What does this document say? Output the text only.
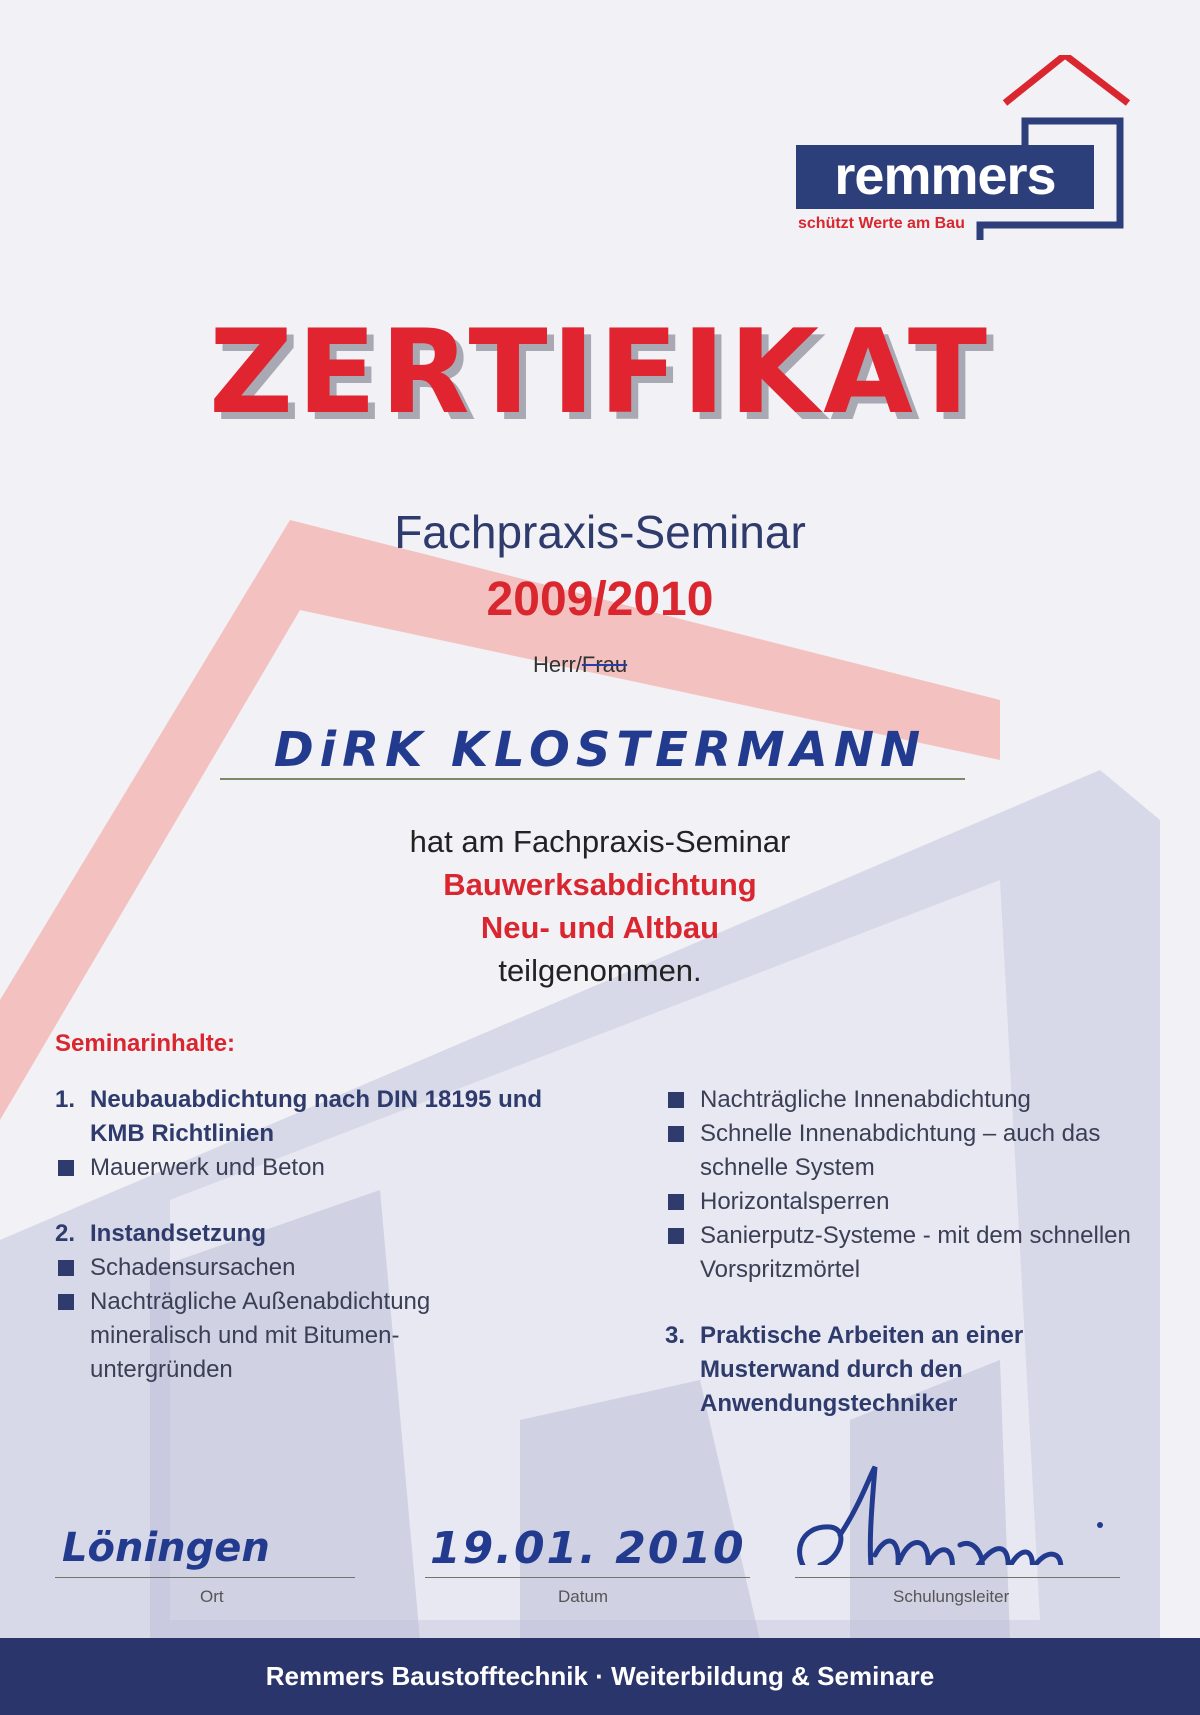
remmers
schützt Werte am Bau
ZERTIFIKAT
Fachpraxis-Seminar
2009/2010
Herr/Frau
DiRK KLOSTERMANN
hat am Fachpraxis-Seminar
Bauwerksabdichtung
Neu- und Altbau
teilgenommen.
Seminarinhalte:
1. Neubauabdichtung nach DIN 18195 und KMB Richtlinien
Mauerwerk und Beton
2. Instandsetzung
Schadensursachen
Nachträgliche Außenabdichtung mineralisch und mit Bitumen-untergründen
Nachträgliche Innenabdichtung
Schnelle Innenabdichtung – auch das schnelle System
Horizontalsperren
Sanierputz-Systeme - mit dem schnellen Vorspritzmörtel
3. Praktische Arbeiten an einer Musterwand durch den Anwendungstechniker
Löningen
Ort
19.01. 2010
Datum	Schulungsleiter
Remmers Baustofftechnik · Weiterbildung & Seminare
